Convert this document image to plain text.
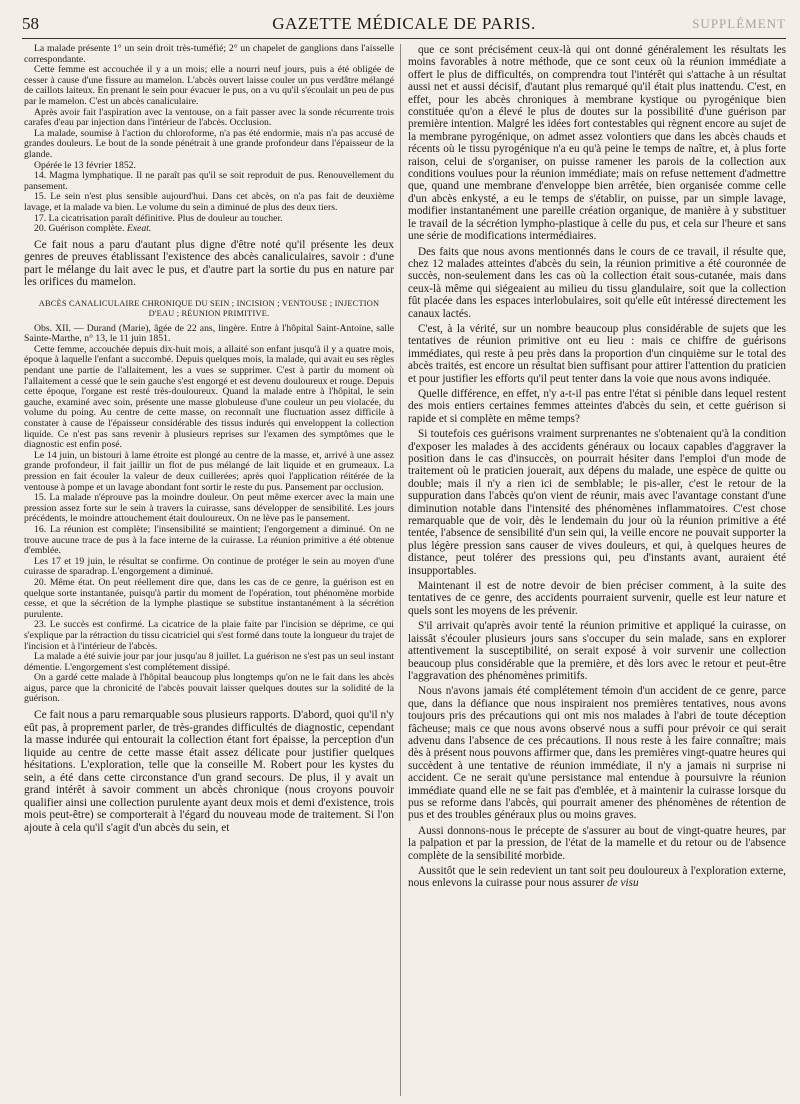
58	GAZETTE MÉDICALE DE PARIS.	SUPPLÉMENT

La malade présente 1° un sein droit très-tuméfié; 2° un chapelet de ganglions dans l'aisselle correspondante.

Cette femme est accouchée il y a un mois; elle a nourri neuf jours, puis a été obligée de cesser à cause d'une fissure au mamelon. L'abcès ouvert laisse couler un pus verdâtre mélangé de caillots laiteux. En prenant le sein pour évacuer le pus, on a vu qu'il s'écoulait un peu de pus par le mamelon. C'est un abcès canaliculaire.

Après avoir fait l'aspiration avec la ventouse, on a fait passer avec la sonde récurrente trois carafes d'eau par injection dans l'intérieur de l'abcès. Occlusion.

La malade, soumise à l'action du chloroforme, n'a pas été endormie, mais n'a pas accusé de grandes douleurs. Le bout de la sonde pénétrait à une grande profondeur dans l'épaisseur de la glande.

Opérée le 13 février 1852.

14. Magma lymphatique. Il ne paraît pas qu'il se soit reproduit de pus. Renouvellement du pansement.

15. Le sein n'est plus sensible aujourd'hui. Dans cet abcès, on n'a pas fait de deuxième lavage, et la malade va bien. Le volume du sein a diminué de plus des deux tiers.

17. La cicatrisation paraît définitive. Plus de douleur au toucher.

20. Guérison complète. Exeat.

Ce fait nous a paru d'autant plus digne d'être noté qu'il présente les deux genres de preuves établissant l'existence des abcès canaliculaires, savoir : d'une part le mélange du lait avec le pus, et d'autre part la sortie du pus en nature par les orifices du mamelon.

ABCÈS CANALICULAIRE CHRONIQUE DU SEIN ; INCISION ; VENTOUSE ; INJECTION D'EAU ; RÉUNION PRIMITIVE.

Obs. XII. — Durand (Marie), âgée de 22 ans, lingère. Entre à l'hôpital Saint-Antoine, salle Sainte-Marthe, n° 13, le 11 juin 1851.

Cette femme, accouchée depuis dix-huit mois, a allaité son enfant jusqu'à il y a quatre mois, époque à laquelle l'enfant a succombé. Depuis quelques mois, la malade, qui avait eu ses règles pendant une partie de l'allaitement, les a vues se supprimer. C'est à partir du moment où l'allaitement a cessé que le sein gauche s'est engorgé et est devenu douloureux et rouge. Depuis cette époque, l'organe est resté très-douloureux. Quand la malade entre à l'hôpital, le sein gauche, examiné avec soin, présente une masse globuleuse d'une couleur un peu violacée, du volume du poing. Au centre de cette masse, on reconnaît une fluctuation assez difficile à constater à cause de l'épaisseur considérable des tissus indurés qui enveloppent la collection liquide. Ce n'est pas sans revenir à plusieurs reprises sur l'examen des symptômes que le diagnostic est enfin posé.

Le 14 juin, un bistouri à lame étroite est plongé au centre de la masse, et, arrivé à une assez grande profondeur, il fait jaillir un flot de pus mélangé de lait liquide et en grumeaux. La pression en fait écouler la valeur de deux cuillerées; après quoi l'application réitérée de la ventouse à pompe et un lavage abondant font sortir le reste du pus. Pansement par occlusion.

15. La malade n'éprouve pas la moindre douleur. On peut même exercer avec la main une pression assez forte sur le sein à travers la cuirasse, sans développer de sensibilité. Les jours précédents, le moindre attouchement était douloureux. On ne lève pas le pansement.

16. La réunion est complète; l'insensibilité se maintient; l'engorgement a diminué. On ne trouve aucune trace de pus à la face interne de la cuirasse. La réunion primitive a été obtenue d'emblée.

Les 17 et 19 juin, le résultat se confirme. On continue de protéger le sein au moyen d'une cuirasse de sparadrap. L'engorgement a diminué.

20. Même état. On peut réellement dire que, dans les cas de ce genre, la guérison est en quelque sorte instantanée, puisqu'à partir du moment de l'opération, tout phénomène morbide cesse, et que la sécrétion de la lymphe plastique se substitue instantanément à la sécrétion purulente.

23. Le succès est confirmé. La cicatrice de la plaie faite par l'incision se déprime, ce qui s'explique par la rétraction du tissu cicatriciel qui s'est formé dans toute la longueur du trajet de l'incision et à l'intérieur de l'abcès.

La malade a été suivie jour par jour jusqu'au 8 juillet. La guérison ne s'est pas un seul instant démentie. L'engorgement s'est complétement dissipé.

On a gardé cette malade à l'hôpital beaucoup plus longtemps qu'on ne le fait dans les abcès aigus, parce que la chronicité de l'abcès pouvait laisser quelques doutes sur la solidité de la guérison.

Ce fait nous a paru remarquable sous plusieurs rapports. D'abord, quoi qu'il n'y eût pas, à proprement parler, de très-grandes difficultés de diagnostic, cependant la masse indurée qui entourait la collection étant fort épaisse, la perception d'un liquide au centre de cette masse était assez délicate pour justifier quelques hésitations. L'exploration, telle que la conseille M. Robert pour les kystes du sein, a été dans cette circonstance d'un grand secours. De plus, il y avait un grand intérêt à savoir comment un abcès chronique (nous croyons pouvoir qualifier ainsi une collection purulente ayant deux mois et demi d'existence, trois mois peut-être) se comporterait à l'égard du nouveau mode de traitement. Si l'on ajoute à cela qu'il s'agit d'un abcès du sein, et

que ce sont précisément ceux-là qui ont donné généralement les résultats les moins favorables à notre méthode, que ce sont ceux où la réunion immédiate a offert le plus de difficultés, on comprendra tout l'intérêt qui s'attache à un résultat aussi net et aussi décisif, d'autant plus remarqué qu'il était plus inattendu. C'est, en effet, pour les abcès chroniques à membrane kystique ou pyrogénique bien constituée qu'on a élevé le plus de doutes sur la possibilité d'une guérison par première intention. Malgré les idées fort contestables qui règnent encore au sujet de la membrane pyrogénique, on admet assez volontiers que dans les abcès chauds et récents où le tissu pyrogénique n'a eu qu'à peine le temps de naître, et, à plus forte raison, celui de s'organiser, on puisse ramener les parois de la collection aux conditions voulues pour la réunion immédiate; mais on refuse nettement d'admettre que, quand une membrane d'enveloppe bien arrêtée, bien organisée comme celle d'un abcès enkysté, a eu le temps de s'établir, on puisse, par un simple lavage, modifier instantanément une pareille création organique, de manière à y substituer le travail de la sécrétion lympho-plastique à celle du pus, et cela sur l'heure et sans une série de modifications intermédiaires.

Des faits que nous avons mentionnés dans le cours de ce travail, il résulte que, chez 12 malades atteintes d'abcès du sein, la réunion primitive a été couronnée de succès, non-seulement dans les cas où la collection était sous-cutanée, mais dans ceux-là même qui siégeaient au milieu du tissu glandulaire, soit que la collection fût placée dans les espaces interlobulaires, soit qu'elle eût intéressé directement les canaux lactés.

C'est, à la vérité, sur un nombre beaucoup plus considérable de sujets que les tentatives de réunion primitive ont eu lieu : mais ce chiffre de guérisons immédiates, qui reste à peu près dans la proportion d'un cinquième sur le total des abcès traités, est encore un résultat bien suffisant pour attirer l'attention du praticien et pour justifier les efforts qu'il peut tenter dans la voie que nous avons indiquée.

Quelle différence, en effet, n'y a-t-il pas entre l'état si pénible dans lequel restent des mois entiers certaines femmes atteintes d'abcès du sein, et cette guérison si rapide et si complète en même temps?

Si toutefois ces guérisons vraiment surprenantes ne s'obtenaient qu'à la condition d'exposer les malades à des accidents généraux ou locaux capables d'aggraver la position dans le cas d'insuccès, on pourrait hésiter dans l'emploi d'un mode de traitement où le praticien jouerait, aux dépens du malade, une espèce de quitte ou double; mais il n'y a rien ici de semblable; le pis-aller, c'est le retour de la suppuration dans l'abcès qu'on vient de réunir, mais avec l'avantage constant d'une diminution notable dans l'intensité des phénomènes inflammatoires. C'est chose remarquable que de voir, dès le lendemain du jour où la réunion primitive a été tentée, l'absence de sensibilité d'un sein qui, la veille encore ne pouvait supporter la plus légère pression sans causer de vives douleurs, et qui, à quelques heures de distance, peut tolérer des pressions qui, peu d'instants avant, auraient été insupportables.

Maintenant il est de notre devoir de bien préciser comment, à la suite des tentatives de ce genre, des accidents pourraient survenir, quelle est leur nature et quels sont les moyens de les prévenir.

S'il arrivait qu'après avoir tenté la réunion primitive et appliqué la cuirasse, on laissât s'écouler plusieurs jours sans s'occuper du sein malade, sans en explorer attentivement la susceptibilité, on serait exposé à voir survenir une collection beaucoup plus considérable que la première, et dès lors avec le retour et peut-être l'aggravation des phénomènes primitifs.

Nous n'avons jamais été complétement témoin d'un accident de ce genre, parce que, dans la défiance que nous inspiraient nos premières tentatives, nous avons toujours pris des précautions qui ont mis nos malades à l'abri de toute déception fâcheuse; mais ce que nous avons observé nous a suffi pour prévoir ce qui serait advenu dans l'absence de ces précautions. Il nous reste à les faire connaître; mais dès à présent nous pouvons affirmer que, dans les premières vingt-quatre heures qui succèdent à une tentative de réunion immédiate, il n'y a jamais ni surprise ni accident. Ce ne serait qu'une persistance mal entendue à poursuivre la réunion immédiate quand elle ne se fait pas d'emblée, et à maintenir la cuirasse lorsque du pus se reforme dans l'abcès, qui pourrait amener des phénomènes de rétention de pus et des troubles généraux plus ou moins graves.

Aussi donnons-nous le précepte de s'assurer au bout de vingt-quatre heures, par la palpation et par la pression, de l'état de la mamelle et du retour ou de l'absence complète de la sensibilité morbide.

Aussitôt que le sein redevient un tant soit peu douloureux à l'exploration externe, nous enlevons la cuirasse pour nous assurer de visu
